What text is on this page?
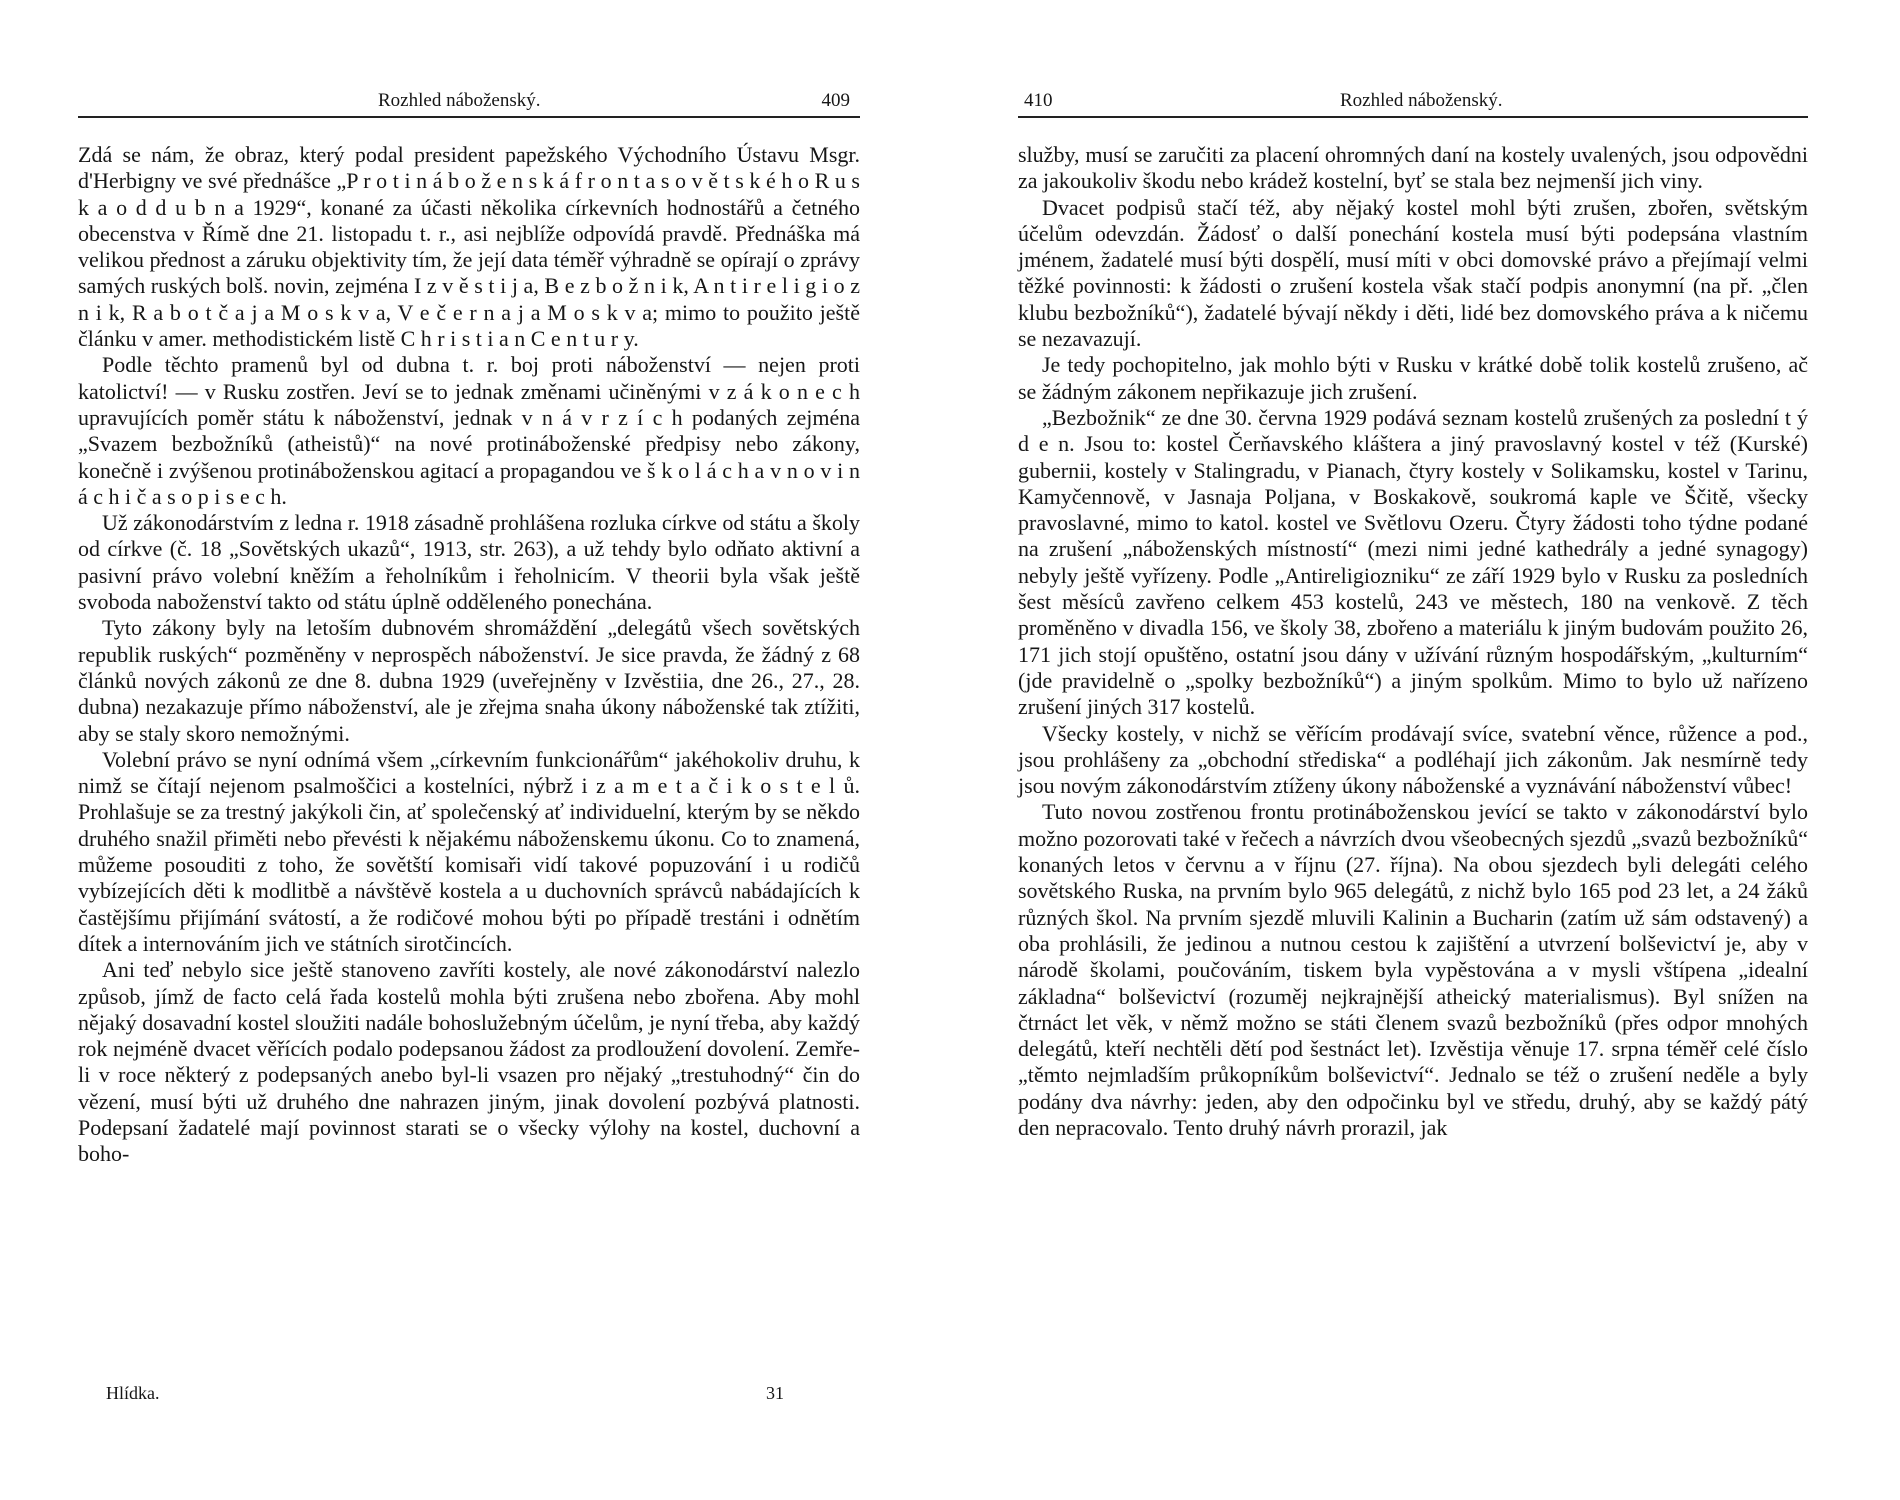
Rozhled náboženský.	409

Zdá se nám, že obraz, který podal president papežského Východního Ústavu Msgr. d'Herbigny ve své přednášce „P r o t i n á b o ž e n s k á f r o n t a s o v ě t s k é h o R u s k a o d d u b n a 1929“, konané za účasti několika církevních hodnostářů a četného obecenstva v Římě dne 21. listopadu t. r., asi nejblíže odpovídá pravdě. Přednáška má velikou přednost a záruku objektivity tím, že její data téměř výhradně se opírají o zprávy samých ruských bolš. novin, zejména I z v ě s t i j a, B e z b o ž n i k, A n t i r e l i g i o z n i k, R a b o t č a j a M o s k v a, V e č e r n a j a M o s k v a; mimo to použito ještě článku v amer. methodistickém listě C h r i s t i a n C e n t u r y.

Podle těchto pramenů byl od dubna t. r. boj proti náboženství — nejen proti katolictví! — v Rusku zostřen. Jeví se to jednak změnami učiněnými v z á k o n e c h upravujících poměr státu k náboženství, jednak v n á v r z í c h podaných zejména „Svazem bezbožníků (atheistů)“ na nové protináboženské předpisy nebo zákony, konečně i zvýšenou protináboženskou agitací a propagandou ve š k o l á c h a v n o v i n á c h i č a s o p i s e c h.

Už zákonodárstvím z ledna r. 1918 zásadně prohlášena rozluka církve od státu a školy od církve (č. 18 „Sovětských ukazů“, 1913, str. 263), a už tehdy bylo odňato aktivní a pasivní právo volební kněžím a řeholníkům i řeholnicím. V theorii byla však ještě svoboda naboženství takto od státu úplně odděleného ponechána.

Tyto zákony byly na letoším dubnovém shromáždění „delegátů všech sovětských republik ruských“ pozměněny v neprospěch náboženství. Je sice pravda, že žádný z 68 článků nových zákonů ze dne 8. dubna 1929 (uveřejněny v Izvěstiia, dne 26., 27., 28. dubna) nezakazuje přímo náboženství, ale je zřejma snaha úkony náboženské tak ztížiti, aby se staly skoro nemožnými.

Volební právo se nyní odnímá všem „církevním funkcionářům“ jakéhokoliv druhu, k nimž se čítají nejenom psalmoščici a kostelníci, nýbrž i z a m e t a č i k o s t e l ů. Prohlašuje se za trestný jakýkoli čin, ať společenský ať individuelní, kterým by se někdo druhého snažil přiměti nebo převésti k nějakému náboženskemu úkonu. Co to znamená, můžeme posouditi z toho, že sovětští komisaři vidí takové popuzování i u rodičů vybízejících děti k modlitbě a návštěvě kostela a u duchovních správců nabádajících k častějšímu přijímání svátostí, a že rodičové mohou býti po případě trestáni i odnětím dítek a internováním jich ve státních sirotčincích.

Ani teď nebylo sice ještě stanoveno zavříti kostely, ale nové zákonodárství nalezlo způsob, jímž de facto celá řada kostelů mohla býti zrušena nebo zbořena. Aby mohl nějaký dosavadní kostel sloužiti nadále bohoslužebným účelům, je nyní třeba, aby každý rok nejméně dvacet věřících podalo podepsanou žádost za prodloužení dovolení. Zemře-li v roce některý z podepsaných anebo byl-li vsazen pro nějaký „trestuhodný“ čin do vězení, musí býti už druhého dne nahrazen jiným, jinak dovolení pozbývá platnosti. Podepsaní žadatelé mají povinnost starati se o všecky výlohy na kostel, duchovní a boho-

Hlídka.	31
410	Rozhled náboženský.

služby, musí se zaručiti za placení ohromných daní na kostely uvalených, jsou odpovědni za jakoukoliv škodu nebo krádež kostelní, byť se stala bez nejmenší jich viny.

Dvacet podpisů stačí též, aby nějaký kostel mohl býti zrušen, zbořen, světským účelům odevzdán. Žádosť o další ponechání kostela musí býti podepsána vlastním jménem, žadatelé musí býti dospělí, musí míti v obci domovské právo a přejímají velmi těžké povinnosti: k žádosti o zrušení kostela však stačí podpis anonymní (na př. „člen klubu bezbožníků“), žadatelé bývají někdy i děti, lidé bez domovského práva a k ničemu se nezavazují.

Je tedy pochopitelno, jak mohlo býti v Rusku v krátké době tolik kostelů zrušeno, ač se žádným zákonem nepřikazuje jich zrušení.

„Bezbožnik“ ze dne 30. června 1929 podává seznam kostelů zrušených za poslední t ý d e n. Jsou to: kostel Čerňavského kláštera a jiný pravoslavný kostel v též (Kurské) gubernii, kostely v Stalingradu, v Pianach, čtyry kostely v Solikamsku, kostel v Tarinu, Kamyčennově, v Jasnaja Poljana, v Boskakově, soukromá kaple ve Ščitě, všecky pravoslavné, mimo to katol. kostel ve Světlovu Ozeru. Čtyry žádosti toho týdne podané na zrušení „náboženských místností“ (mezi nimi jedné kathedrály a jedné synagogy) nebyly ještě vyřízeny. Podle „Antireligiozniku“ ze září 1929 bylo v Rusku za posledních šest měsíců zavřeno celkem 453 kostelů, 243 ve městech, 180 na venkově. Z těch proměněno v divadla 156, ve školy 38, zbořeno a materiálu k jiným budovám použito 26, 171 jich stojí opuštěno, ostatní jsou dány v užívání různým hospodářským, „kulturním“ (jde pravidelně o „spolky bezbožníků“) a jiným spolkům. Mimo to bylo už nařízeno zrušení jiných 317 kostelů.

Všecky kostely, v nichž se věřícím prodávají svíce, svatební věnce, růžence a pod., jsou prohlášeny za „obchodní střediska“ a podléhají jich zákonům. Jak nesmírně tedy jsou novým zákonodárstvím ztíženy úkony náboženské a vyznávání náboženství vůbec!

Tuto novou zostřenou frontu protináboženskou jevící se takto v zákonodárství bylo možno pozorovati také v řečech a návrzích dvou všeobecných sjezdů „svazů bezbožníků“ konaných letos v červnu a v říjnu (27. října). Na obou sjezdech byli delegáti celého sovětského Ruska, na prvním bylo 965 delegátů, z nichž bylo 165 pod 23 let, a 24 žáků různých škol. Na prvním sjezdě mluvili Kalinin a Bucharin (zatím už sám odstavený) a oba prohlásili, že jedinou a nutnou cestou k zajištění a utvrzení bolševictví je, aby v národě školami, poučováním, tiskem byla vypěstována a v mysli vštípena „idealní základna“ bolševictví (rozuměj nejkrajnější atheický materialismus). Byl snížen na čtrnáct let věk, v němž možno se státi členem svazů bezbožníků (přes odpor mnohých delegátů, kteří nechtěli dětí pod šestnáct let). Izvěstija věnuje 17. srpna téměř celé číslo „těmto nejmladším průkopníkům bolševictví“. Jednalo se též o zrušení neděle a byly podány dva návrhy: jeden, aby den odpočinku byl ve středu, druhý, aby se každý pátý den nepracovalo. Tento druhý návrh prorazil, jak
